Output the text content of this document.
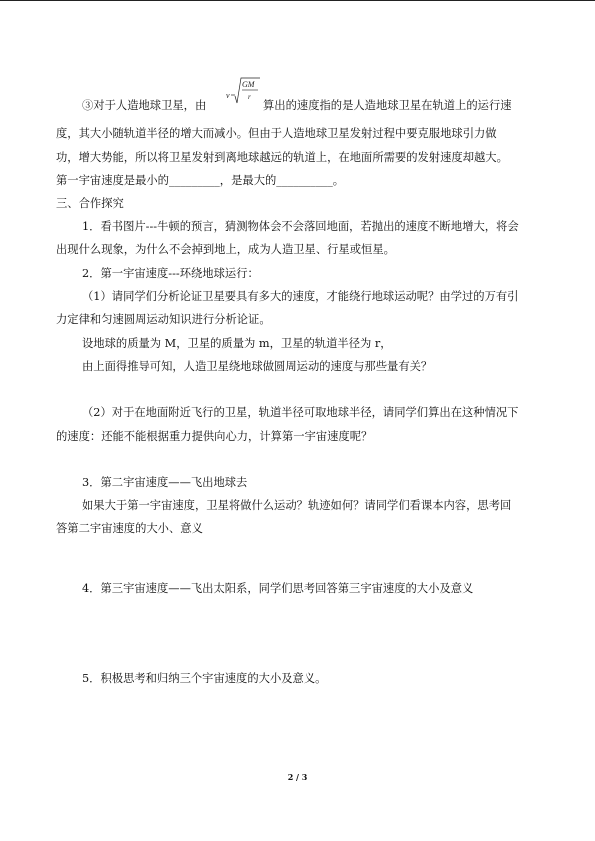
③对于人造地球卫星，由
v
GM
r
算出的速度指的是人造地球卫星在轨道上的运行速
度，其大小随轨道半径的增大而减小。但由于人造地球卫星发射过程中要克服地球引力做
功，增大势能，所以将卫星发射到离地球越远的轨道上，在地面所需要的发射速度却越大。
第一宇宙速度是最小的_________，是最大的__________。
三、合作探究
1．看书图片---牛顿的预言，猜测物体会不会落回地面，若抛出的速度不断地增大，将会
出现什么现象，为什么不会掉到地上，成为人造卫星、行星或恒星。
2．第一宇宙速度---环绕地球运行：
（1）请同学们分析论证卫星要具有多大的速度，才能绕行地球运动呢？由学过的万有引
力定律和匀速圆周运动知识进行分析论证。
设地球的质量为 M，卫星的质量为 m，卫星的轨道半径为 r，
由上面得推导可知，人造卫星绕地球做圆周运动的速度与那些量有关？
（2）对于在地面附近飞行的卫星，轨道半径可取地球半径，请同学们算出在这种情况下
的速度：还能不能根据重力提供向心力，计算第一宇宙速度呢？
3．第二宇宙速度——飞出地球去
如果大于第一宇宙速度，卫星将做什么运动？轨迹如何？请同学们看课本内容，思考回
答第二宇宙速度的大小、意义
4．第三宇宙速度——飞出太阳系，同学们思考回答第三宇宙速度的大小及意义
5．积极思考和归纳三个宇宙速度的大小及意义。
2 / 3
